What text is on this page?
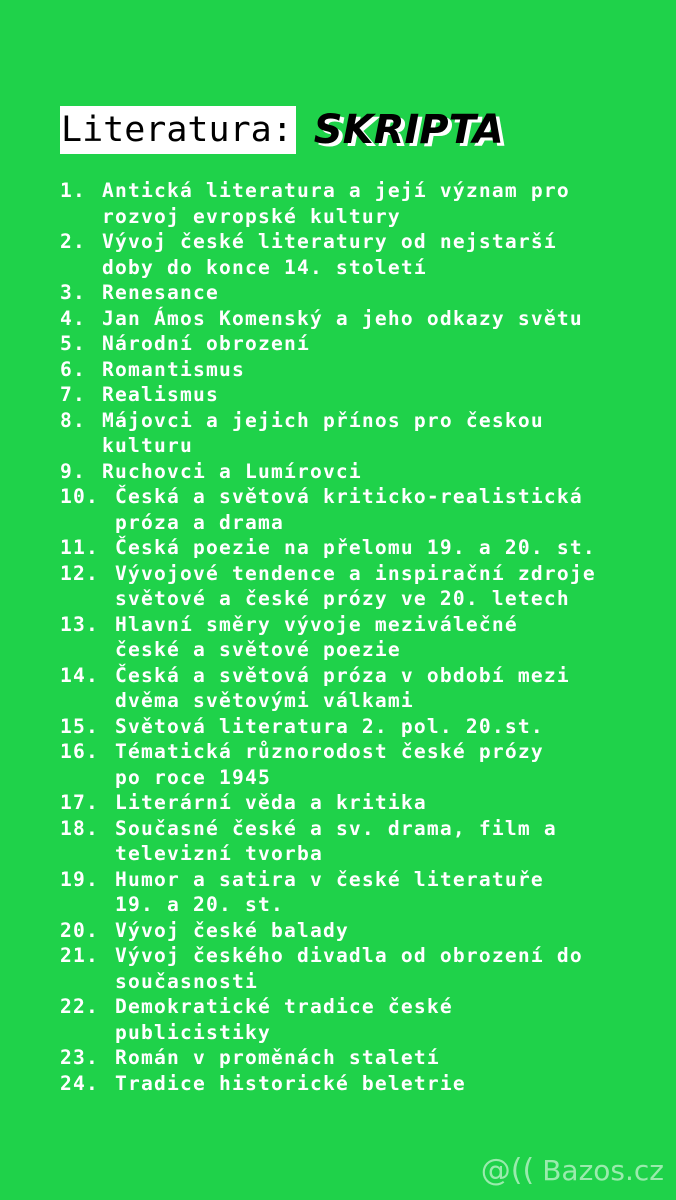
Literatura: SKRIPTA
1. Antická literatura a její význam pro
rozvoj evropské kultury
2. Vývoj české literatury od nejstarší
doby do konce 14. století
3. Renesance
4. Jan Ámos Komenský a jeho odkazy světu
5. Národní obrození
6. Romantismus
7. Realismus
8. Májovci a jejich přínos pro českou
kulturu
9. Ruchovci a Lumírovci
10. Česká a světová kriticko-realistická
próza a drama
11. Česká poezie na přelomu 19. a 20. st.
12. Vývojové tendence a inspirační zdroje
světové a české prózy ve 20. letech
13. Hlavní směry vývoje meziválečné
české a světové poezie
14. Česká a světová próza v období mezi
dvěma světovými válkami
15. Světová literatura 2. pol. 20.st.
16. Tématická různorodost české prózy
po roce 1945
17. Literární věda a kritika
18. Současné české a sv. drama, film a
televizní tvorba
19. Humor a satira v české literatuře
19. a 20. st.
20. Vývoj české balady
21. Vývoj českého divadla od obrození do
současnosti
22. Demokratické tradice české
publicistiky
23. Román v proměnách staletí
24. Tradice historické beletrie
@(( Bazos.cz
